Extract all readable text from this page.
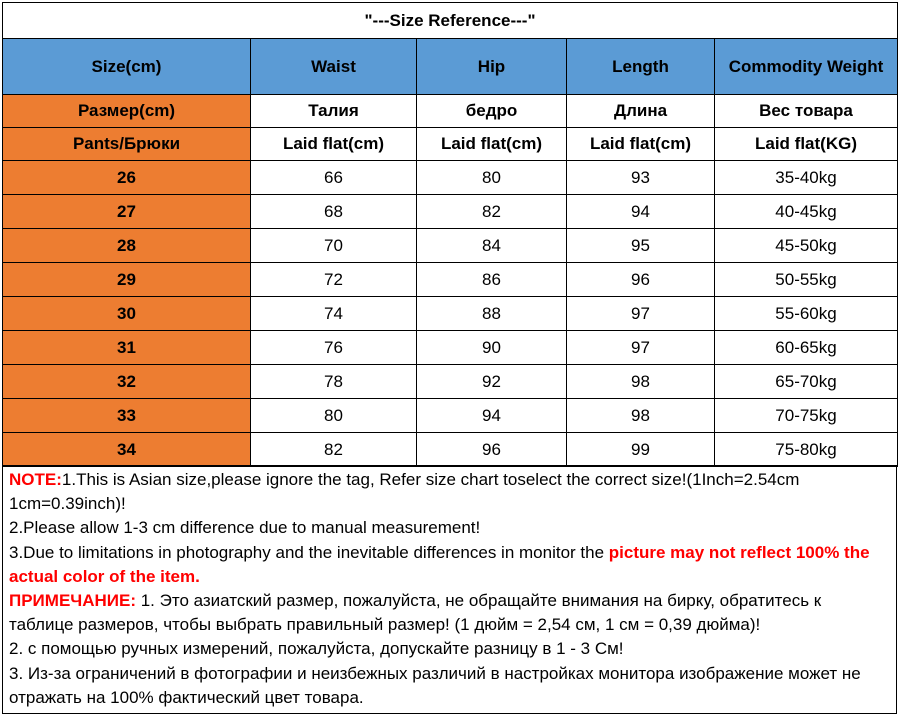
"---Size Reference---"				
Size(cm)	Waist	Hip	Length	Commodity Weight
Размер(cm)	Талия	бедро	Длина	Вес товара
Pants/Брюки	Laid flat(cm)	Laid flat(cm)	Laid flat(cm)	Laid flat(KG)
26	66	80	93	35-40kg
27	68	82	94	40-45kg
28	70	84	95	45-50kg
29	72	86	96	50-55kg
30	74	88	97	55-60kg
31	76	90	97	60-65kg
32	78	92	98	65-70kg
33	80	94	98	70-75kg
34	82	96	99	75-80kg

NOTE:1.This is Asian size,please ignore the tag, Refer size chart toselect the correct size!(1Inch=2.54cm 1cm=0.39inch)!

2.Please allow 1-3 cm difference due to manual measurement!

3.Due to limitations in photography and the inevitable differences in monitor the picture may not reflect 100% the actual color of the item.

ПРИМЕЧАНИЕ: 1. Это азиатский размер, пожалуйста, не обращайте внимания на бирку, обратитесь к таблице размеров, чтобы выбрать правильный размер! (1 дюйм = 2,54 см, 1 см = 0,39 дюйма)!

2. с помощью ручных измерений, пожалуйста, допускайте разницу в 1 - 3 См!

3. Из-за ограничений в фотографии и неизбежных различий в настройках монитора изображение может не отражать на 100% фактический цвет товара.
